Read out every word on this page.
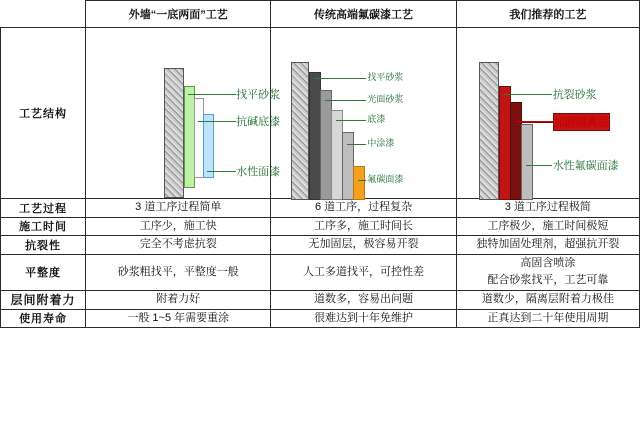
	外墙“一底两面”工艺	传统高端氟碳漆工艺	我们推荐的工艺
工艺结构	
找平砂浆
抗碱底漆
水性面漆

找平砂浆
光面砂浆
底漆
中涂漆
氟碳面漆

抗裂砂浆
加固隔离层
水性氟碳面漆

工艺过程	3 道工序过程简单	6 道工序，过程复杂	3 道工序过程极简
施工时间	工序少，施工快	工序多，施工时间长	工序极少，施工时间极短
抗裂性	完全不考虑抗裂	无加固层，极容易开裂	独特加固处理剂，超强抗开裂
平整度	砂浆粗找平，平整度一般	人工多道找平，可控性差	高固含喷涂
配合砂浆找平，工艺可靠

层间附着力	附着力好	道数多，容易出问题	道数少，隔离层附着力极佳
使用寿命	一般 1~5 年需要重涂	很难达到十年免维护	正真达到二十年使用周期
